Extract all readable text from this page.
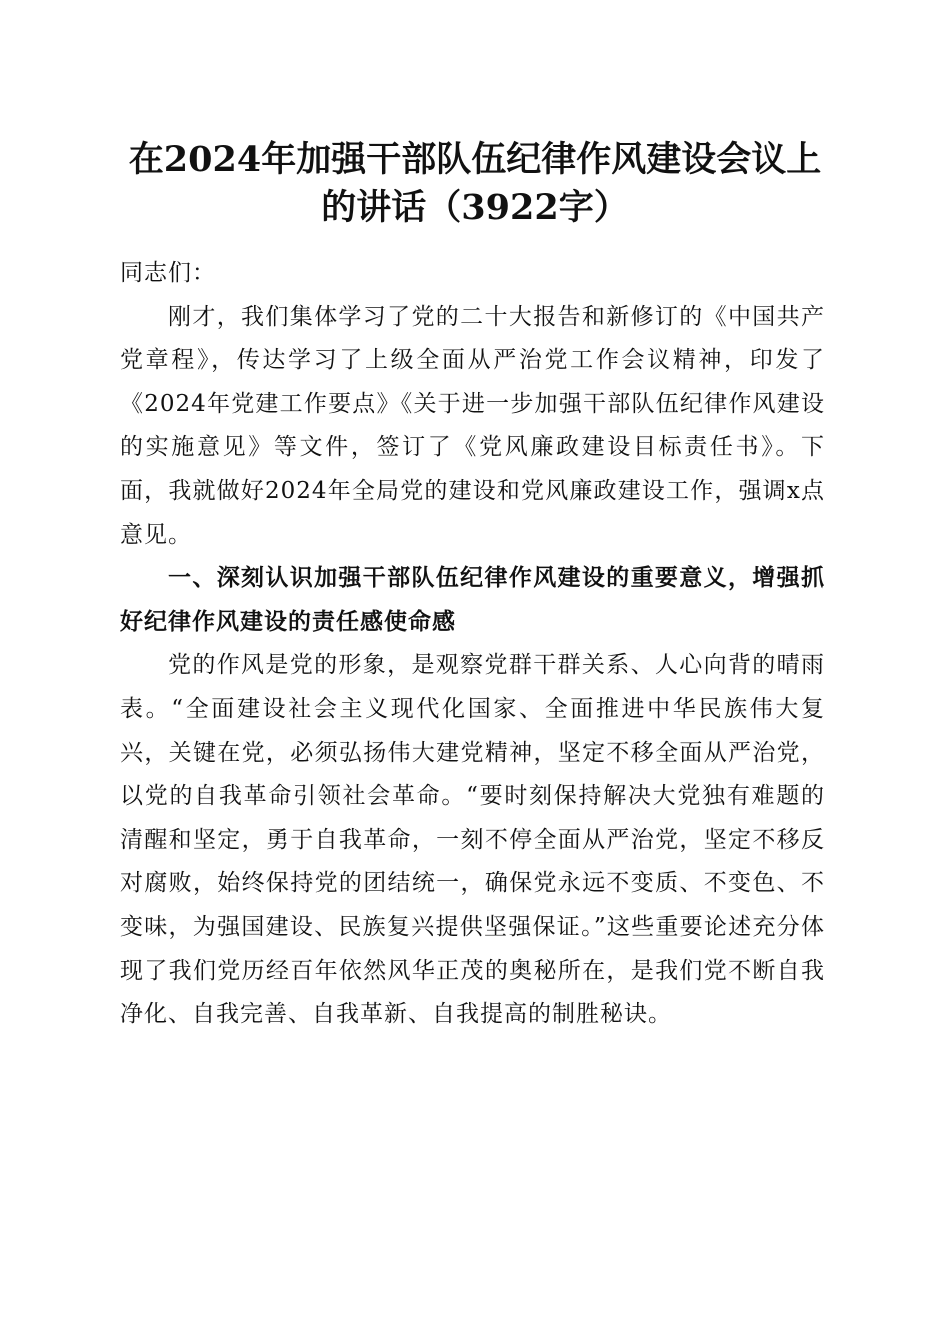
在2024年加强干部队伍纪律作风建设会议上
的讲话（3922字）

同志们：

刚才，我们集体学习了党的二十大报告和新修订的《中国共产党章程》，传达学习了上级全面从严治党工作会议精神，印发了《2024年党建工作要点》《关于进一步加强干部队伍纪律作风建设的实施意见》等文件，签订了《党风廉政建设目标责任书》。下面，我就做好2024年全局党的建设和党风廉政建设工作，强调x点意见。

一、深刻认识加强干部队伍纪律作风建设的重要意义，增强抓好纪律作风建设的责任感使命感

党的作风是党的形象，是观察党群干群关系、人心向背的晴雨表。“全面建设社会主义现代化国家、全面推进中华民族伟大复兴，关键在党，必须弘扬伟大建党精神，坚定不移全面从严治党，以党的自我革命引领社会革命。“要时刻保持解决大党独有难题的清醒和坚定，勇于自我革命，一刻不停全面从严治党，坚定不移反对腐败，始终保持党的团结统一，确保党永远不变质、不变色、不变味，为强国建设、民族复兴提供坚强保证。”这些重要论述充分体现了我们党历经百年依然风华正茂的奥秘所在，是我们党不断自我净化、自我完善、自我革新、自我提高的制胜秘诀。
